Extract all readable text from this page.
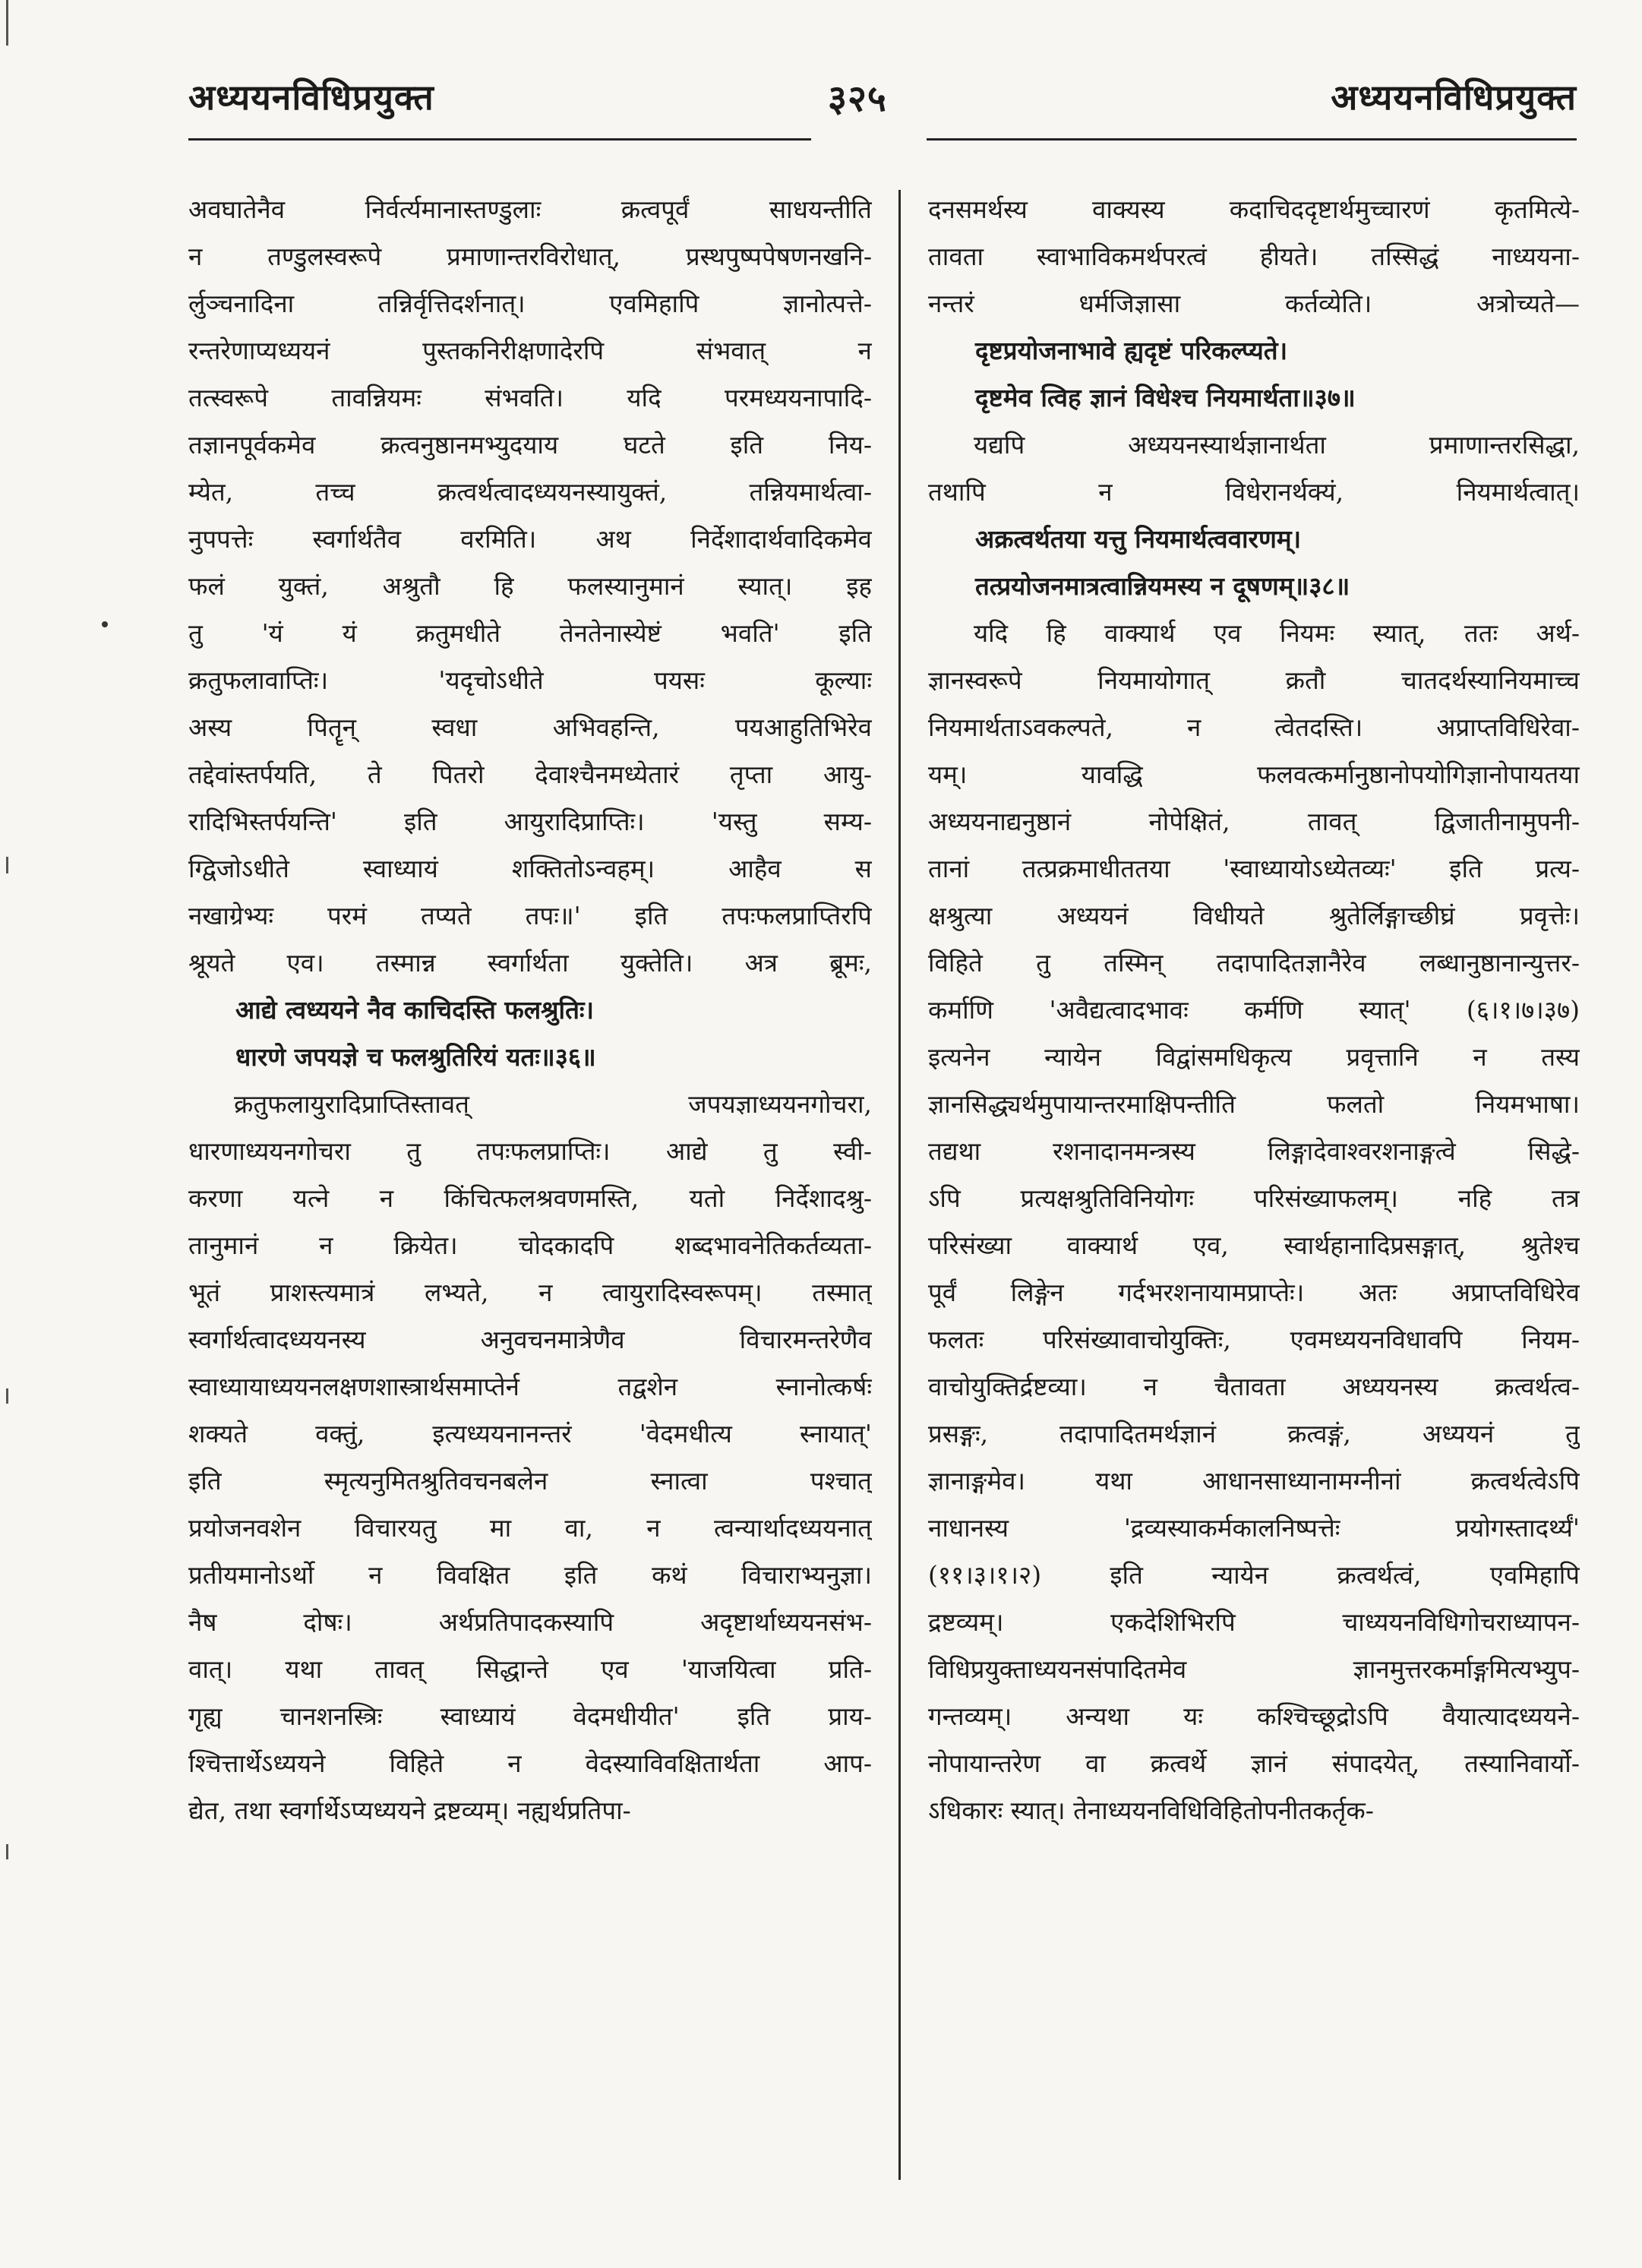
अध्ययनविधिप्रयुक्त	३२५	अध्ययनविधिप्रयुक्त
अवघातेनैव निर्वर्त्यमानास्तण्डुलाः क्रत्वपूर्वं साधयन्तीति
न तण्डुलस्वरूपे प्रमाणान्तरविरोधात्, प्रस्थपुष्पपेषणनखनि-
र्लुञ्चनादिना तन्निर्वृत्तिदर्शनात्। एवमिहापि ज्ञानोत्पत्ते-
रन्तरेणाप्यध्ययनं पुस्तकनिरीक्षणादेरपि संभवात् न
तत्स्वरूपे तावन्नियमः संभवति। यदि परमध्ययनापादि-
तज्ञानपूर्वकमेव क्रत्वनुष्ठानमभ्युदयाय घटते इति निय-
म्येत, तच्च क्रत्वर्थत्वादध्ययनस्यायुक्तं, तन्नियमार्थत्वा-
नुपपत्तेः स्वर्गार्थतैव वरमिति। अथ निर्देशादार्थवादिकमेव
फलं युक्तं, अश्रुतौ हि फलस्यानुमानं स्यात्। इह
तु 'यं यं क्रतुमधीते तेनतेनास्येष्टं भवति' इति
क्रतुफलावाप्तिः। 'यदृचोऽधीते पयसः कूल्याः
अस्य पितॄन् स्वधा अभिवहन्ति, पयआहुतिभिरेव
तद्देवांस्तर्पयति, ते पितरो देवाश्चैनमध्येतारं तृप्ता आयु-
रादिभिस्तर्पयन्ति' इति आयुरादिप्राप्तिः। 'यस्तु सम्य-
ग्द्विजोऽधीते स्वाध्यायं शक्तितोऽन्वहम्। आहैव स
नखाग्रेभ्यः परमं तप्यते तपः॥' इति तपःफलप्राप्तिरपि
श्रूयते एव। तस्मान्न स्वर्गार्थता युक्तेति। अत्र ब्रूमः,
आद्ये त्वध्ययने नैव काचिदस्ति फलश्रुतिः।
धारणे जपयज्ञे च फलश्रुतिरियं यतः॥३६॥
क्रतुफलायुरादिप्राप्तिस्तावत् जपयज्ञाध्ययनगोचरा,
धारणाध्ययनगोचरा तु तपःफलप्राप्तिः। आद्ये तु स्वी-
करणा यत्ने न किंचित्फलश्रवणमस्ति, यतो निर्देशादश्रु-
तानुमानं न क्रियेत। चोदकादपि शब्दभावनेतिकर्तव्यता-
भूतं प्राशस्त्यमात्रं लभ्यते, न त्वायुरादिस्वरूपम्। तस्मात्
स्वर्गार्थत्वादध्ययनस्य अनुवचनमात्रेणैव विचारमन्तरेणैव
स्वाध्यायाध्ययनलक्षणशास्त्रार्थसमाप्तेर्न तद्वशेन स्नानोत्कर्षः
शक्यते वक्तुं, इत्यध्ययनानन्तरं 'वेदमधीत्य स्नायात्'
इति स्मृत्यनुमितश्रुतिवचनबलेन स्नात्वा पश्चात्
प्रयोजनवशेन विचारयतु मा वा, न त्वन्यार्थादध्ययनात्
प्रतीयमानोऽर्थो न विवक्षित इति कथं विचाराभ्यनुज्ञा।
नैष दोषः। अर्थप्रतिपादकस्यापि अदृष्टार्थाध्ययनसंभ-
वात्। यथा तावत् सिद्धान्ते एव 'याजयित्वा प्रति-
गृह्य चानशनस्त्रिः स्वाध्यायं वेदमधीयीत' इति प्राय-
श्चित्तार्थेऽध्ययने विहिते न वेदस्याविवक्षितार्थता आप-
द्येत, तथा स्वर्गार्थेऽप्यध्ययने द्रष्टव्यम्। नह्यर्थप्रतिपा-
दनसमर्थस्य वाक्यस्य कदाचिददृष्टार्थमुच्चारणं कृतमित्ये-
तावता स्वाभाविकमर्थपरत्वं हीयते। तस्सिद्धं नाध्ययना-
नन्तरं धर्मजिज्ञासा कर्तव्येति। अत्रोच्यते—
दृष्टप्रयोजनाभावे ह्यदृष्टं परिकल्प्यते।
दृष्टमेव त्विह ज्ञानं विधेश्च नियमार्थता॥३७॥
यद्यपि अध्ययनस्यार्थज्ञानार्थता प्रमाणान्तरसिद्धा,
तथापि न विधेरानर्थक्यं, नियमार्थत्वात्।
अक्रत्वर्थतया यत्तु नियमार्थत्ववारणम्।
तत्प्रयोजनमात्रत्वान्नियमस्य न दूषणम्॥३८॥
यदि हि वाक्यार्थ एव नियमः स्यात्, ततः अर्थ-
ज्ञानस्वरूपे नियमायोगात् क्रतौ चातदर्थस्यानियमाच्च
नियमार्थताऽवकल्पते, न त्वेतदस्ति। अप्राप्तविधिरेवा-
यम्। यावद्धि फलवत्कर्मानुष्ठानोपयोगिज्ञानोपायतया
अध्ययनाद्यनुष्ठानं नोपेक्षितं, तावत् द्विजातीनामुपनी-
तानां तत्प्रक्रमाधीततया 'स्वाध्यायोऽध्येतव्यः' इति प्रत्य-
क्षश्रुत्या अध्ययनं विधीयते श्रुतेर्लिङ्गाच्छीघ्रं प्रवृत्तेः।
विहिते तु तस्मिन् तदापादितज्ञानैरेव लब्धानुष्ठानान्युत्तर-
कर्माणि 'अवैद्यत्वादभावः कर्मणि स्यात्' (६।१।७।३७)
इत्यनेन न्यायेन विद्वांसमधिकृत्य प्रवृत्तानि न तस्य
ज्ञानसिद्ध्यर्थमुपायान्तरमाक्षिपन्तीति फलतो नियमभाषा।
तद्यथा रशनादानमन्त्रस्य लिङ्गादेवाश्वरशनाङ्गत्वे सिद्धे-
ऽपि प्रत्यक्षश्रुतिविनियोगः परिसंख्याफलम्। नहि तत्र
परिसंख्या वाक्यार्थ एव, स्वार्थहानादिप्रसङ्गात्, श्रुतेश्च
पूर्वं लिङ्गेन गर्दभरशनायामप्राप्तेः। अतः अप्राप्तविधिरेव
फलतः परिसंख्यावाचोयुक्तिः, एवमध्ययनविधावपि नियम-
वाचोयुक्तिर्द्रष्टव्या। न चैतावता अध्ययनस्य क्रत्वर्थत्व-
प्रसङ्गः, तदापादितमर्थज्ञानं क्रत्वङ्गं, अध्ययनं तु
ज्ञानाङ्गमेव। यथा आधानसाध्यानामग्नीनां क्रत्वर्थत्वेऽपि
नाधानस्य 'द्रव्यस्याकर्मकालनिष्पत्तेः प्रयोगस्तादर्थ्यं'
(११।३।१।२) इति न्यायेन क्रत्वर्थत्वं, एवमिहापि
द्रष्टव्यम्। एकदेशिभिरपि चाध्ययनविधिगोचराध्यापन-
विधिप्रयुक्ताध्ययनसंपादितमेव ज्ञानमुत्तरकर्माङ्गमित्यभ्युप-
गन्तव्यम्। अन्यथा यः कश्चिच्छूद्रोऽपि वैयात्यादध्ययने-
नोपायान्तरेण वा क्रत्वर्थे ज्ञानं संपादयेत्, तस्यानिवार्यो-
ऽधिकारः स्यात्। तेनाध्ययनविधिविहितोपनीतकर्तृक-
